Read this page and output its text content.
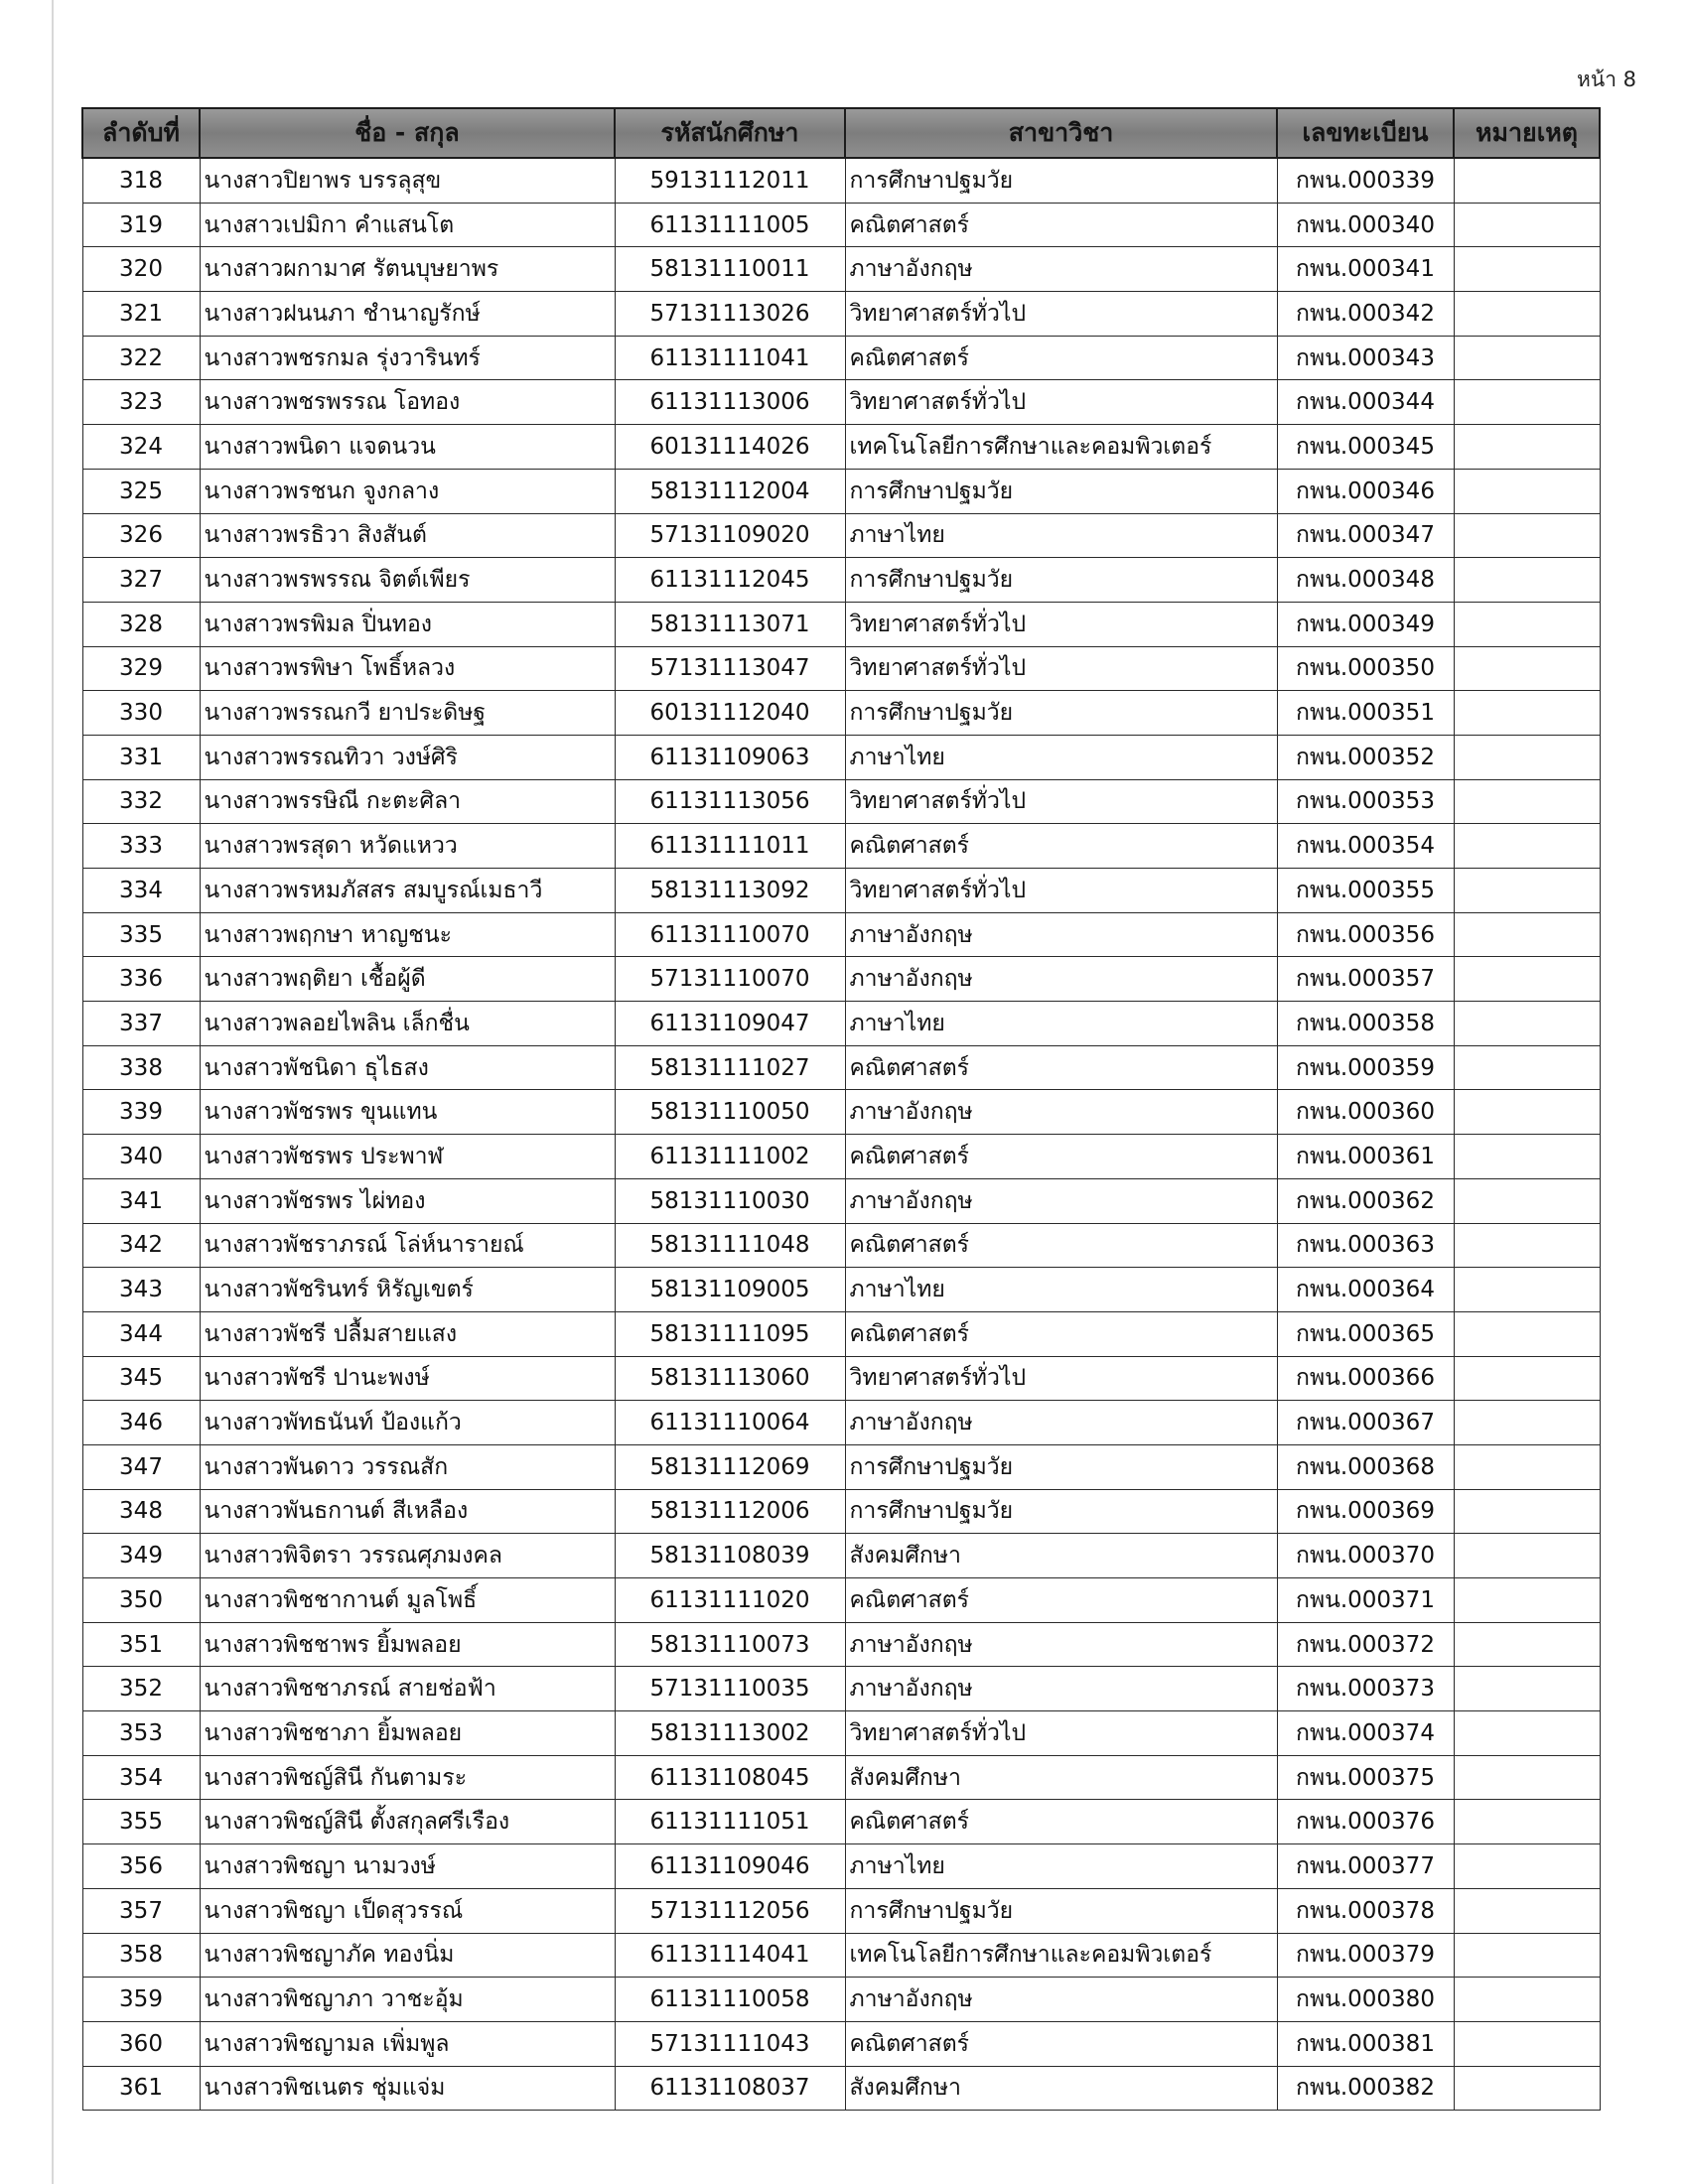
หน้า 8
ลำดับที่	ชื่อ - สกุล	รหัสนักศึกษา	สาขาวิชา	เลขทะเบียน	หมายเหตุ
318	นางสาวปิยาพร บรรลุสุข	59131112011	การศึกษาปฐมวัย	กพน.000339	
319	นางสาวเปมิกา คำแสนโต	61131111005	คณิตศาสตร์	กพน.000340	
320	นางสาวผกามาศ รัตนบุษยาพร	58131110011	ภาษาอังกฤษ	กพน.000341	
321	นางสาวฝนนภา ชำนาญรักษ์	57131113026	วิทยาศาสตร์ทั่วไป	กพน.000342	
322	นางสาวพชรกมล รุ่งวารินทร์	61131111041	คณิตศาสตร์	กพน.000343	
323	นางสาวพชรพรรณ โอทอง	61131113006	วิทยาศาสตร์ทั่วไป	กพน.000344	
324	นางสาวพนิดา แจดนวน	60131114026	เทคโนโลยีการศึกษาและคอมพิวเตอร์	กพน.000345	
325	นางสาวพรชนก จูงกลาง	58131112004	การศึกษาปฐมวัย	กพน.000346	
326	นางสาวพรธิวา สิงสันต์	57131109020	ภาษาไทย	กพน.000347	
327	นางสาวพรพรรณ จิตต์เพียร	61131112045	การศึกษาปฐมวัย	กพน.000348	
328	นางสาวพรพิมล ปิ่นทอง	58131113071	วิทยาศาสตร์ทั่วไป	กพน.000349	
329	นางสาวพรพิษา โพธิ์หลวง	57131113047	วิทยาศาสตร์ทั่วไป	กพน.000350	
330	นางสาวพรรณกวี ยาประดิษฐ	60131112040	การศึกษาปฐมวัย	กพน.000351	
331	นางสาวพรรณทิวา วงษ์ศิริ	61131109063	ภาษาไทย	กพน.000352	
332	นางสาวพรรษิณี กะตะศิลา	61131113056	วิทยาศาสตร์ทั่วไป	กพน.000353	
333	นางสาวพรสุดา หวัดแหวว	61131111011	คณิตศาสตร์	กพน.000354	
334	นางสาวพรหมภัสสร สมบูรณ์เมธาวี	58131113092	วิทยาศาสตร์ทั่วไป	กพน.000355	
335	นางสาวพฤกษา หาญชนะ	61131110070	ภาษาอังกฤษ	กพน.000356	
336	นางสาวพฤติยา เชื้อผู้ดี	57131110070	ภาษาอังกฤษ	กพน.000357	
337	นางสาวพลอยไพลิน เล็กชื่น	61131109047	ภาษาไทย	กพน.000358	
338	นางสาวพัชนิดา ธุไธสง	58131111027	คณิตศาสตร์	กพน.000359	
339	นางสาวพัชรพร ขุนแทน	58131110050	ภาษาอังกฤษ	กพน.000360	
340	นางสาวพัชรพร ประพาฬ	61131111002	คณิตศาสตร์	กพน.000361	
341	นางสาวพัชรพร ไผ่ทอง	58131110030	ภาษาอังกฤษ	กพน.000362	
342	นางสาวพัชราภรณ์ โล่ห์นารายณ์	58131111048	คณิตศาสตร์	กพน.000363	
343	นางสาวพัชรินทร์ หิรัญเขตร์	58131109005	ภาษาไทย	กพน.000364	
344	นางสาวพัชรี ปลื้มสายแสง	58131111095	คณิตศาสตร์	กพน.000365	
345	นางสาวพัชรี ปานะพงษ์	58131113060	วิทยาศาสตร์ทั่วไป	กพน.000366	
346	นางสาวพัทธนันท์ ป้องแก้ว	61131110064	ภาษาอังกฤษ	กพน.000367	
347	นางสาวพันดาว วรรณสัก	58131112069	การศึกษาปฐมวัย	กพน.000368	
348	นางสาวพันธกานต์ สีเหลือง	58131112006	การศึกษาปฐมวัย	กพน.000369	
349	นางสาวพิจิตรา วรรณศุภมงคล	58131108039	สังคมศึกษา	กพน.000370	
350	นางสาวพิชชากานต์ มูลโพธิ์	61131111020	คณิตศาสตร์	กพน.000371	
351	นางสาวพิชชาพร ยิ้มพลอย	58131110073	ภาษาอังกฤษ	กพน.000372	
352	นางสาวพิชชาภรณ์ สายช่อฟ้า	57131110035	ภาษาอังกฤษ	กพน.000373	
353	นางสาวพิชชาภา ยิ้มพลอย	58131113002	วิทยาศาสตร์ทั่วไป	กพน.000374	
354	นางสาวพิชญ์สินี กันตามระ	61131108045	สังคมศึกษา	กพน.000375	
355	นางสาวพิชญ์สินี ตั้งสกุลศรีเรือง	61131111051	คณิตศาสตร์	กพน.000376	
356	นางสาวพิชญา นามวงษ์	61131109046	ภาษาไทย	กพน.000377	
357	นางสาวพิชญา เป็ดสุวรรณ์	57131112056	การศึกษาปฐมวัย	กพน.000378	
358	นางสาวพิชญาภัค ทองนิ่ม	61131114041	เทคโนโลยีการศึกษาและคอมพิวเตอร์	กพน.000379	
359	นางสาวพิชญาภา วาชะอุ้ม	61131110058	ภาษาอังกฤษ	กพน.000380	
360	นางสาวพิชญามล เพิ่มพูล	57131111043	คณิตศาสตร์	กพน.000381	
361	นางสาวพิชเนตร ชุ่มแจ่ม	61131108037	สังคมศึกษา	กพน.000382	
